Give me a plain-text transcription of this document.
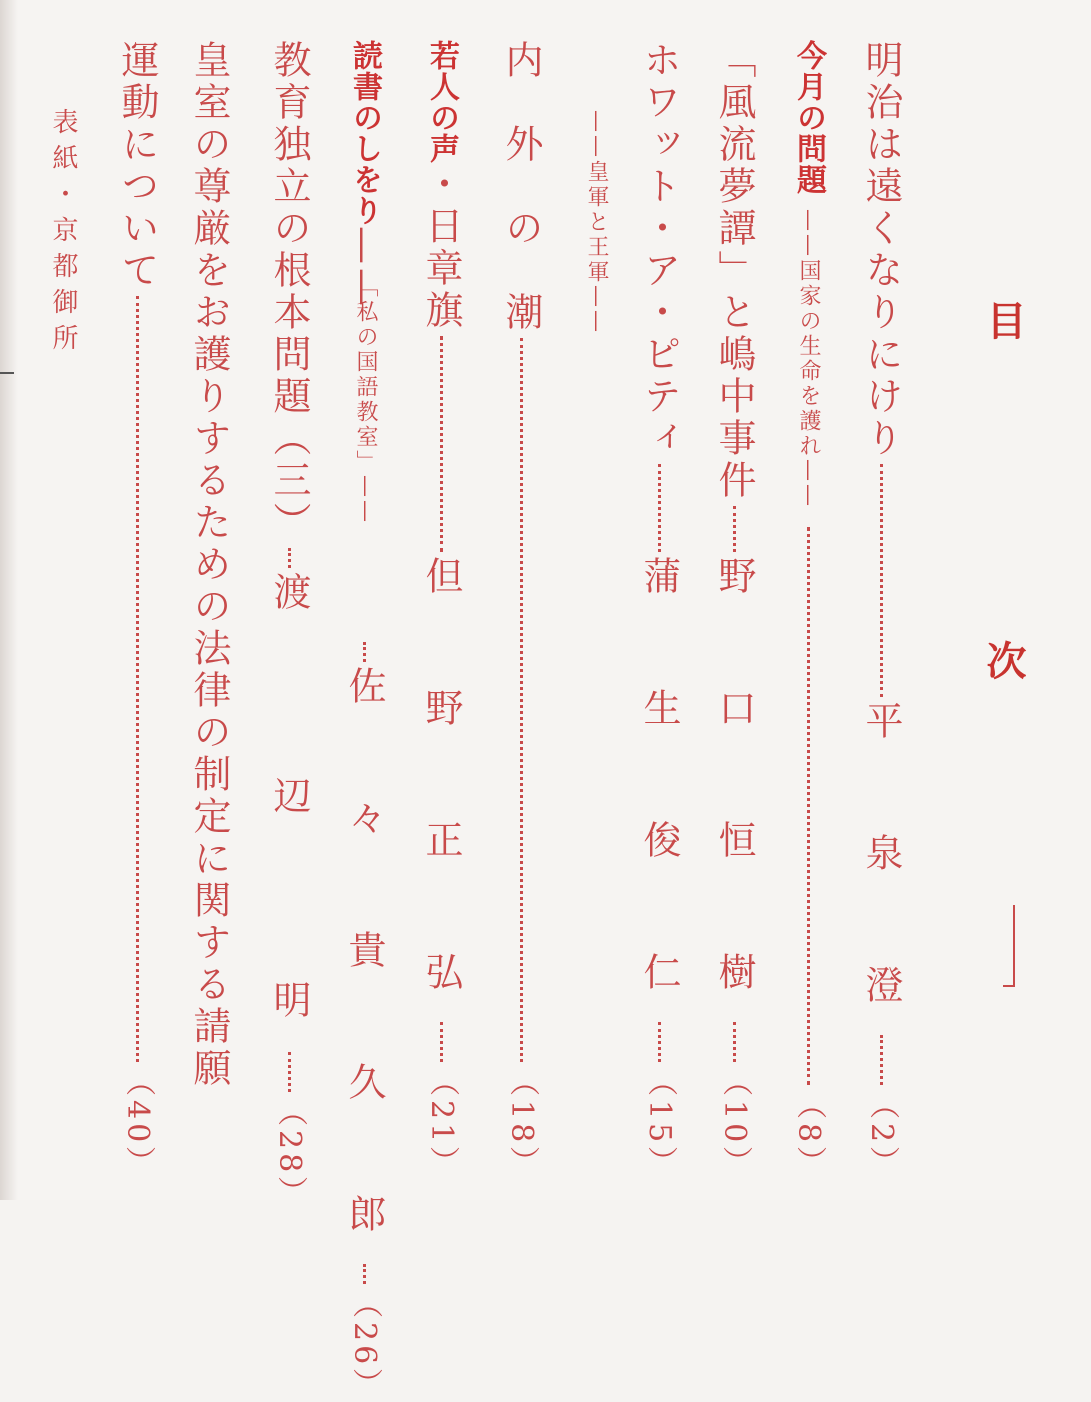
目　次
明治は遠くなりにけり
平　泉　澄
（2）
今月の問題
——国家の生命を護れ——
（8）
「風流夢譚」と嶋中事件
野　口　恒　樹
（10）
ホワット・ア・ピティ
蒲　生　俊　仁
（15）
——皇軍と王軍——
内　外　の　潮
（18）
若人の声
・日章旗
但　野　正　弘
（21）
読書のしをり
——
佐　々　貴　久　郎
（26）
「私の国語教室」——
教育独立の根本問題（三）
渡　　辺　　明
（28）
皇室の尊厳をお護りするための法律の制定に関する請願
運動について
（40）
表紙・京都御所
